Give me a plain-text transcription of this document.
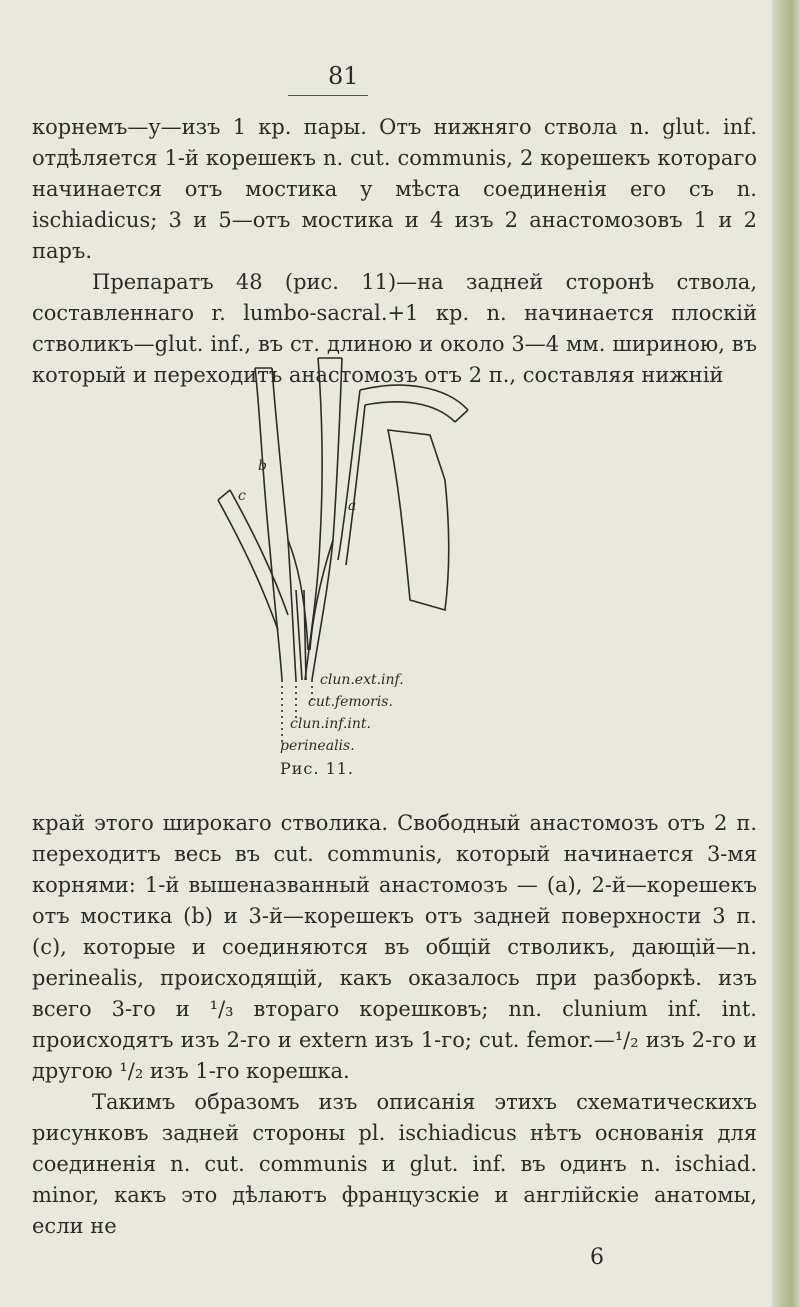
81

корнемъ—у—изъ 1 кр. пары. Отъ нижняго ствола n. glut. inf. отдѣляется 1-й корешекъ n. cut. communis, 2 корешекъ котораго начинается отъ мостика у мѣста соединенія его съ n. ischiadicus; 3 и 5—отъ мостика и 4 изъ 2 анастомозовъ 1 и 2 паръ.

Препаратъ 48 (рис. 11)—на задней сторонѣ ствола, составленнаго r. lumbo-sacral.+1 кр. n. начинается плоскій стволикъ—glut. inf., въ ст. длиною и около 3—4 мм. шириною, въ который и переходитъ анастомозъ отъ 2 п., составляя нижній

b
c
a
clun.ext.inf.
cut.femoris.
clun.inf.int.
perinealis.
Рис. 11.

край этого широкаго стволика. Свободный анастомозъ отъ 2 п. переходитъ весь въ cut. communis, который начинается 3-мя корнями: 1-й вышеназванный анастомозъ — (a), 2-й—корешекъ отъ мостика (b) и 3-й—корешекъ отъ задней поверхности 3 п. (c), которые и соединяются въ общій стволикъ, дающій—n. perinealis, происходящій, какъ оказалось при разборкѣ. изъ всего 3-го и ¹/₃ втораго корешковъ; nn. clunium inf. int. происходятъ изъ 2-го и extern изъ 1-го; cut. femor.—¹/₂ изъ 2-го и другою ¹/₂ изъ 1-го корешка.

Такимъ образомъ изъ описанія этихъ схематическихъ рисунковъ задней стороны pl. ischiadicus нѣтъ основанія для соединенія n. cut. communis и glut. inf. въ одинъ n. ischiad. minor, какъ это дѣлаютъ французскіе и англійскіе анатомы, если не

6
